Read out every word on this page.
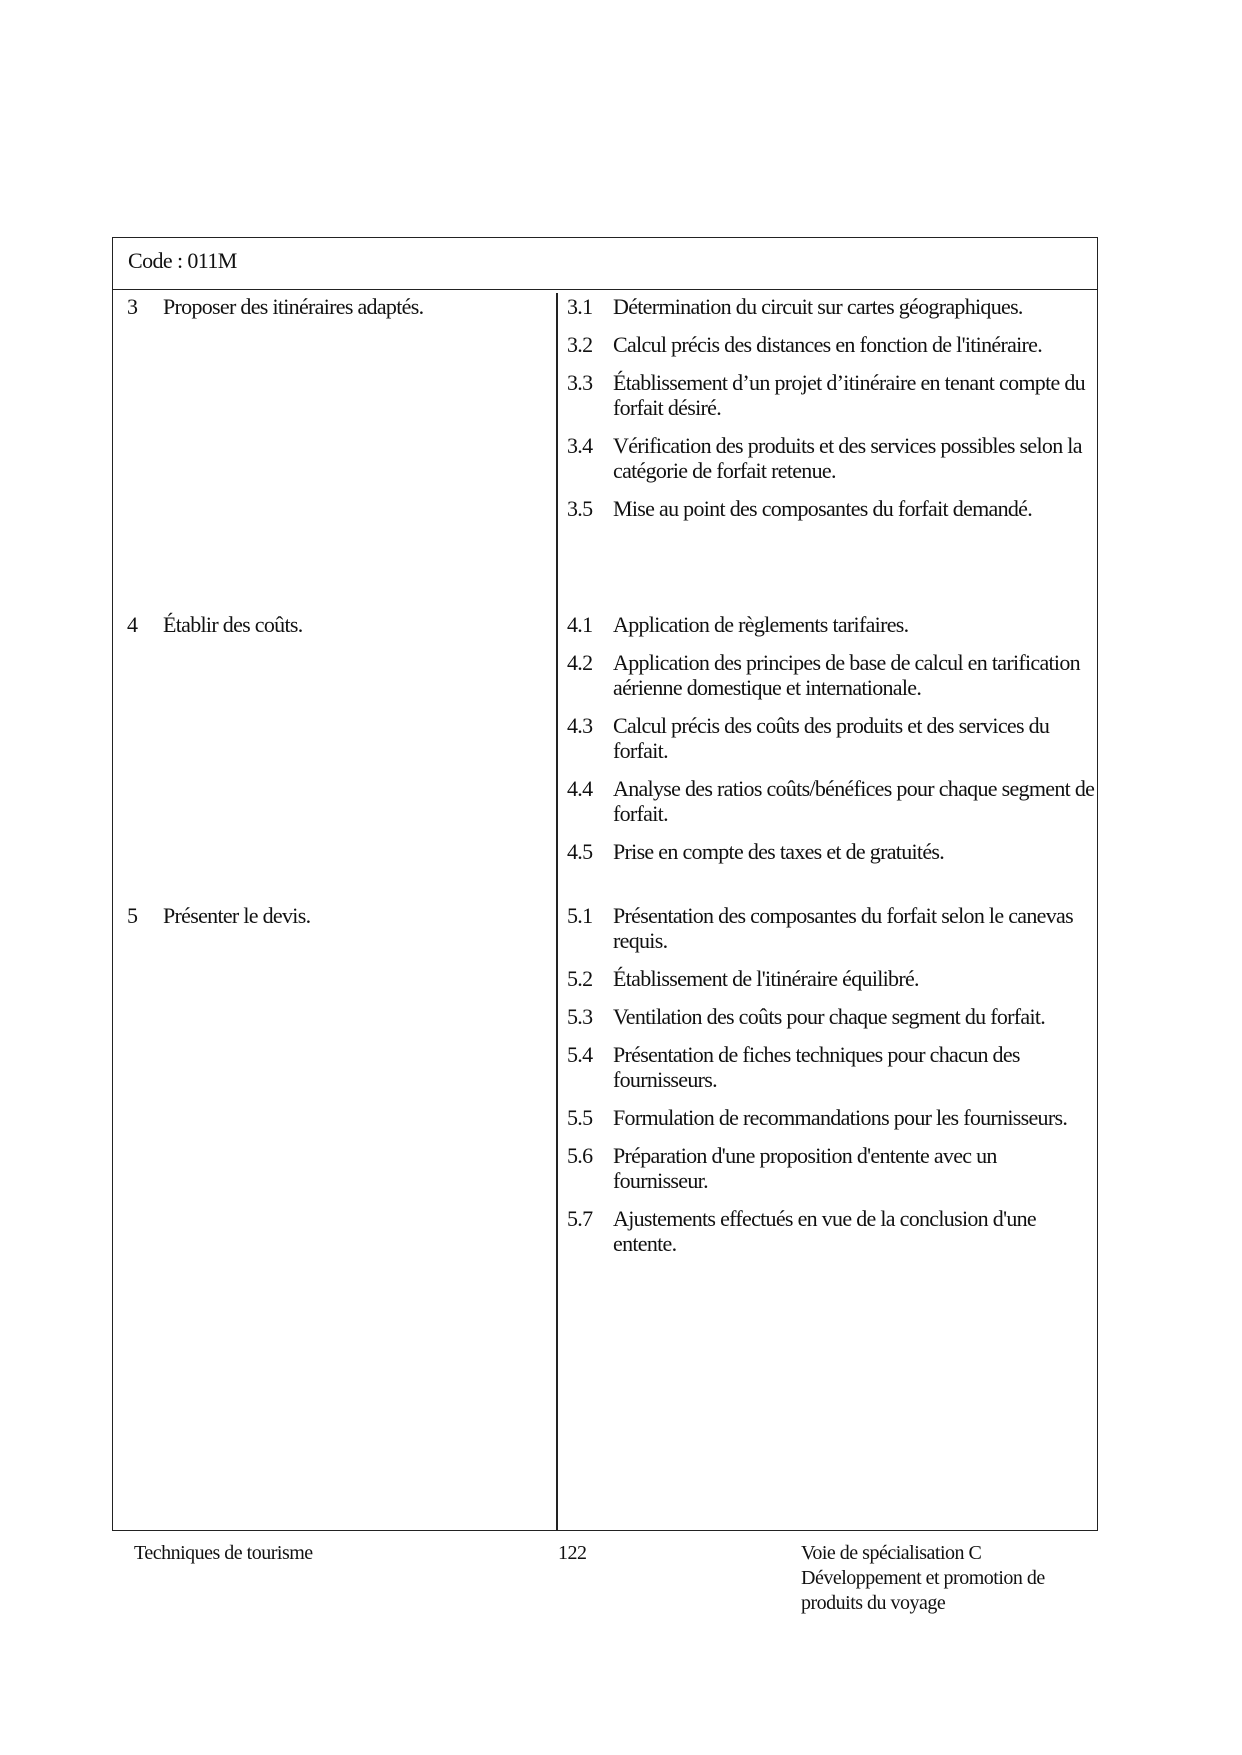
Code : 011M
3 Proposer des itinéraires adaptés.	3.1 Détermination du circuit sur cartes géographiques.
3.2 Calcul précis des distances en fonction de l'itinéraire.
3.3 Établissement d’un projet d’itinéraire en tenant compte du forfait désiré.
3.4 Vérification des produits et des services possibles selon la catégorie de forfait retenue.
3.5 Mise au point des composantes du forfait demandé.
4 Établir des coûts.	4.1 Application de règlements tarifaires.
4.2 Application des principes de base de calcul en tarification aérienne domestique et internationale.
4.3 Calcul précis des coûts des produits et des services du forfait.
4.4 Analyse des ratios coûts/bénéfices pour chaque segment de forfait.
4.5 Prise en compte des taxes et de gratuités.
5 Présenter le devis.	5.1 Présentation des composantes du forfait selon le canevas requis.
5.2 Établissement de l'itinéraire équilibré.
5.3 Ventilation des coûts pour chaque segment du forfait.
5.4 Présentation de fiches techniques pour chacun des fournisseurs.
5.5 Formulation de recommandations pour les fournisseurs.
5.6 Préparation d'une proposition d'entente avec un fournisseur.
5.7 Ajustements effectués en vue de la conclusion d'une entente.
Techniques de tourisme	122	Voie de spécialisation C
Développement et promotion de
produits du voyage
